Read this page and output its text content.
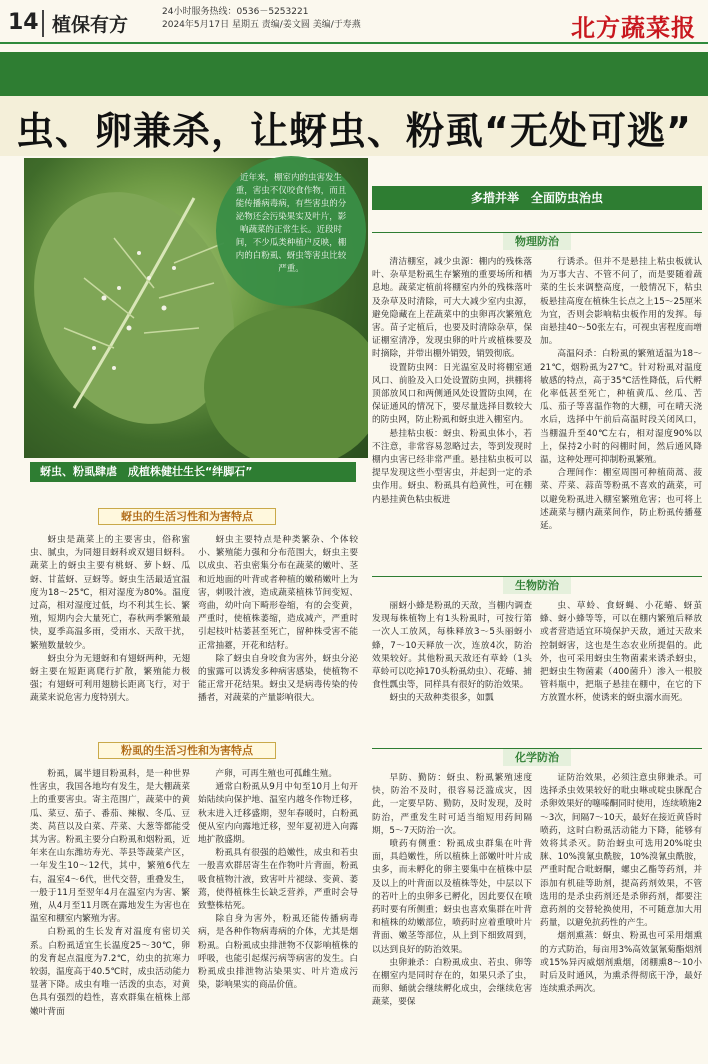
14 植保有方
24小时服务热线：0536－5253221
2024年5月17日 星期五 责编/姜文圆 美编/于寿燕	北方蔬菜报
虫、卵兼杀，让蚜虫、粉虱“无处可逃”
近年来，棚室内的虫害发生重，害虫不仅咬食作物，而且能传播病毒病，有些害虫的分泌物还会污染果实及叶片，影响蔬菜的正常生长。近段时间，不少瓜类种植户反映，棚内的白粉虱、蚜虫等害虫比较严重。
蚜虫、粉虱肆虐　成植株健壮生长“绊脚石”
蚜虫的生活习性和为害特点

蚜虫是蔬菜上的主要害虫，俗称蜜虫、腻虫，为同翅目蚜科或双翅目蚜科。蔬菜上的蚜虫主要有桃蚜、萝卜蚜、瓜蚜、甘蓝蚜、豆蚜等。蚜虫生活最适宜温度为18～25℃，相对湿度为80%。温度过高，相对湿度过低，均不利其生长、繁殖，短期内会大量死亡，春秋两季繁殖最快，夏季高温多雨，受雨水、天敌干扰，繁殖数量较少。

蚜虫分为无翅蚜和有翅蚜两种，无翅蚜主要在短距离爬行扩散，繁殖能力极强；有翅蚜可利用翅膀长距离飞行，对于蔬菜来说危害力度特别大。

蚜虫主要特点是种类繁杂、个体较小、繁殖能力强和分布范围大，蚜虫主要以成虫、若虫密集分布在蔬菜的嫩叶、茎和近地面的叶背或者种植的嫩稍嫩叶上为害，刺吸汁液，造成蔬菜植株节间变短、弯曲，幼叶向下畸形卷缩，有的会变黄，严重时，使植株萎缩，造成减产，严重时引起枝叶枯萎甚至死亡，留种株受害不能正常抽薹，开花和结籽。

除了蚜虫自身咬食为害外，蚜虫分泌的蜜露可以诱发多种病害感染，使植物不能正常开花结果。蚜虫又是病毒传染的传播者，对蔬菜的产量影响很大。

粉虱的生活习性和为害特点

粉虱，属半翅目粉虱科，是一种世界性害虫，我国各地均有发生，是大棚蔬菜上的重要害虫。寄主范围广，蔬菜中的黄瓜、菜豆、茄子、番茄、辣椒、冬瓜、豆类、莴苣以及白菜、芹菜、大葱等都能受其为害。粉虱主要分白粉虱和烟粉虱，近年来在山东潍坊寿光、莘县等蔬菜产区，一年发生10～12代，其中，繁殖6代左右，温室4～6代，世代交替，重叠发生，一般于11月至翌年4月在温室内为害、繁殖，从4月至11月既在露地发生为害也在温室和棚室内繁殖为害。

白粉虱的生长发育对温度有密切关系。白粉虱适宜生长温度25～30℃，卵的发育起点温度为7.2℃，幼虫的抗寒力较弱，温度高于40.5℃时，成虫活动能力显著下降。成虫有唯一活泼的虫态，对黄色具有强烈的趋性，喜欢群集在植株上部嫩叶背面

产卵，可再生殖也可孤雌生殖。

通常白粉虱从9月中旬至10月上旬开始陆续向保护地、温室内越冬作物迁移，秋末进入迁移盛期，翌年春暖时，白粉虱便从室内向露地迁移，翌年夏初进入向露地扩散盛期。

粉虱具有很强的趋嫩性，成虫和若虫一般喜欢群居寄生在作物叶片背面，粉虱吸食植物汁液，致害叶片褪绿、变黄、萎蔫，使得植株生长缺乏营养，严重时会导致整株枯死。

除自身为害外，粉虱还能传播病毒病，是各种作物病毒病的介体，尤其是烟粉虱。白粉虱成虫排泄物不仅影响植株的呼吸，也能引起煤污病等病害的发生。白粉虱成虫排泄物沾染果实、叶片造成污染，影响果实的商品价值。

多措并举　全面防虫治虫
物理防治

清洁棚室，减少虫源：棚内的残株落叶、杂草是粉虱生存繁殖的重要场所和栖息地。蔬菜定植前将棚室内外的残株落叶及杂草及时清除，可大大减少室内虫源，避免隐藏在上茬蔬菜中的虫卵再次繁殖危害。苗子定植后，也要及时清除杂草，保证棚室清净，发现虫卵的叶片或植株要及时摘除，并带出棚外销毁，销毁彻底。

设置防虫网：日光温室及时将棚室通风口、前脸及入口处设置防虫网，拱棚将顶部放风口和两侧通风处设置防虫网，在保证通风的情况下，要尽量选择目数较大的防虫网，防止粉虱和蚜虫进入棚室内。

悬挂粘虫板：蚜虫、粉虱虫体小，若不注意，非常容易忽略过去，等到发现时棚内虫害已经非常严重。悬挂粘虫板可以提早发现这些小型害虫，并起到一定的杀虫作用。蚜虫、粉虱具有趋黄性，可在棚内悬挂黄色粘虫板进

行诱杀。但并不是悬挂上粘虫板就认为万事大吉、不管不问了，而是要随着蔬菜的生长来调整高度，一般情况下，粘虫板悬挂高度在植株生长点之上15～25厘米为宜，否则会影响粘虫板作用的发挥。每亩悬挂40～50张左右，可视虫害程度而增加。

高温闷杀：白粉虱的繁殖适温为18～21℃，烟粉虱为27℃。针对粉虱对温度敏感的特点，高于35℃活性降低，后代孵化率低甚至死亡，种植黄瓜、丝瓜、苦瓜、茄子等喜温作物的大棚，可在晴天浇水后，选择中午前后高温时段关闭风口，当棚温升至40℃左右，相对湿度90%以上，保持2小时的闷棚时间，然后通风降温，这种处理可抑制粉虱繁殖。

合理间作：棚室周围可种植茼蒿、菠菜、芹菜、蒜苗等粉虱不喜欢的蔬菜，可以避免粉虱进入棚室繁殖危害；也可将上述蔬菜与棚内蔬菜间作，防止粉虱传播蔓延。

生物防治

丽蚜小蜂是粉虱的天敌，当棚内调查发现每株植物上有1头粉虱时，可按行第一次人工放风，每株释放3～5头丽蚜小蜂，7～10天释放一次，连放4次，防治效果较好。其他粉虱天敌还有草蛉（1头草蛉可以吃掉170头粉虱幼虫）、花蝽、捕食性瓢虫等，同样具有很好的防治效果。

蚜虫的天敌种类很多，如瓢

虫、草蛉、食蚜蝇、小花蝽、蚜茧蜂、蚜小蜂等等，可以在棚内繁殖后释放或者营造适宜环境保护天敌，通过天敌来控制蚜害，这也是生态农业所提倡的。此外，也可采用蚜虫生物菌素来诱杀蚜虫，把蚜虫生物菌素（400菌升）渗入一根胶管料瓶中，把瓶子悬挂在棚中，在它的下方放置水杯，使诱来的蚜虫溺水而死。

化学防治

早防、勤防：蚜虫、粉虱繁殖速度快，防治不及时，很容易泛滥成灾，因此，一定要早防、勤防，及时发现，及时防治，严重发生时可适当缩短用药间隔期，5～7天防治一次。

喷药有侧重：粉虱成虫群集在叶背面，具趋嫩性，所以植株上部嫩叶叶片成虫多，而未孵化的卵主要集中在植株中层及以上的叶背面以及植株等处，中层以下的若叶上的虫卵多已孵化，因此要仅在喷药时要有所侧重；蚜虫也喜欢集群在叶背和植株的幼嫩部位，喷药时应着重喷叶片背面、嫩茎等部位，从上到下细致周到，以达到良好的防治效果。

虫卵兼杀：白粉虱成虫、若虫、卵等在棚室内是同时存在的，如果只杀了虫，而卵、蛹就会继续孵化成虫，会继续危害蔬菜，要保

证防治效果，必须注意虫卵兼杀。可选择杀虫效果较好的吡虫啉或啶虫脒配合杀卵效果好的噻嗪酮同时使用，连续喷施2～3次，间隔7～10天，最好在接近黄昏时喷药，这时白粉虱活动能力下降，能够有效将其杀灭。防治蚜虫可选用20%啶虫脒、10%溴氰虫酰胺，10%溴氰虫酰胺，严重时配合吡蚜酮，螺虫乙酯等药剂，并添加有机硅等助剂，提高药剂效果，不管选用的是杀虫药剂还是杀卵药剂，都要注意药剂的交替轮换使用，不可随意加大用药量，以避免抗药性的产生。

烟剂熏蒸：蚜虫、粉虱也可采用烟熏的方式防治，每亩用3%高效氯氰菊酯烟剂或15%异丙威烟剂熏烟，闭棚熏8～10小时后及时通风，为熏杀得彻底干净，最好连续熏杀两次。
